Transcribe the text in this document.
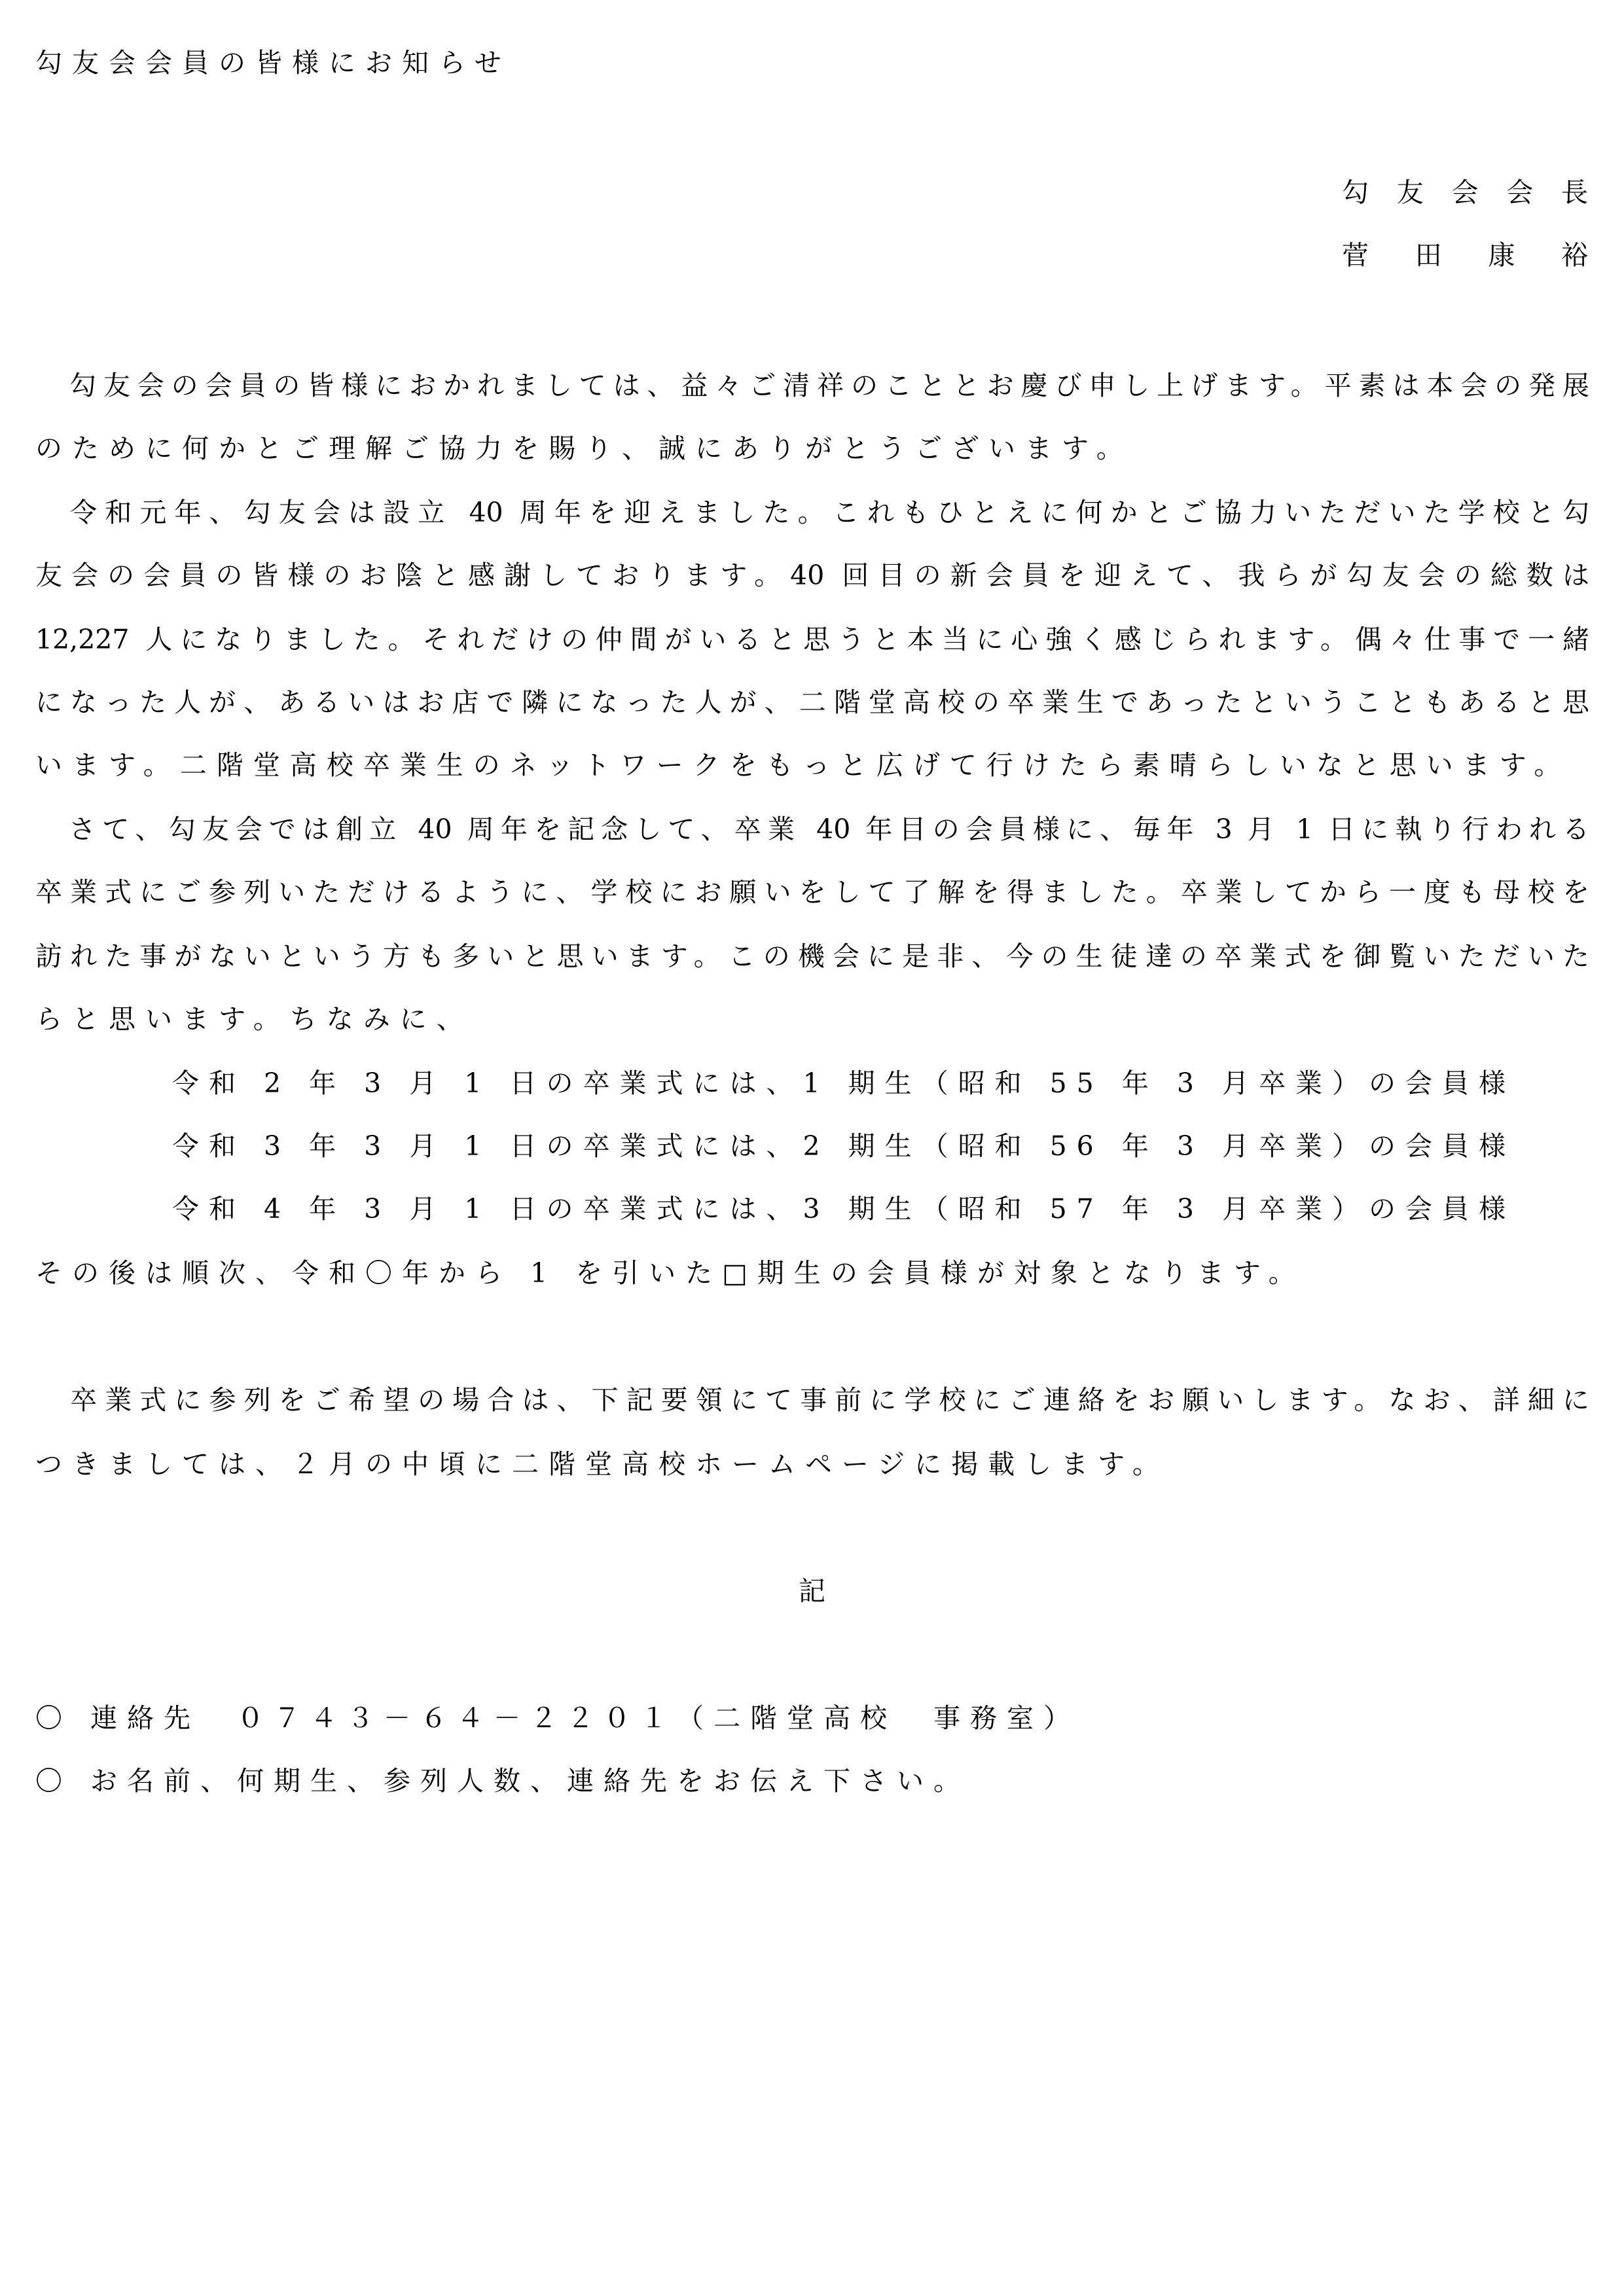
勾友会会員の皆様にお知らせ
勾友会会長
菅　田　康　裕
　勾友会の会員の皆様におかれましては、益々ご清祥のこととお慶び申し上げます。平素は本会の発展
のために何かとご理解ご協力を賜り、誠にありがとうございます。
　令和元年、勾友会は設立 40 周年を迎えました。これもひとえに何かとご協力いただいた学校と勾
友会の会員の皆様のお陰と感謝しております。40 回目の新会員を迎えて、我らが勾友会の総数は
12,227 人になりました。それだけの仲間がいると思うと本当に心強く感じられます。偶々仕事で一緒
になった人が、あるいはお店で隣になった人が、二階堂高校の卒業生であったということもあると思
います。二階堂高校卒業生のネットワークをもっと広げて行けたら素晴らしいなと思います。
　さて、勾友会では創立 40 周年を記念して、卒業 40 年目の会員様に、毎年 3 月 1 日に執り行われる
卒業式にご参列いただけるように、学校にお願いをして了解を得ました。卒業してから一度も母校を
訪れた事がないという方も多いと思います。この機会に是非、今の生徒達の卒業式を御覧いただいた
らと思います。ちなみに、
令和 2 年 3 月 1 日の卒業式には、1 期生（昭和 55 年 3 月卒業）の会員様
令和 3 年 3 月 1 日の卒業式には、2 期生（昭和 56 年 3 月卒業）の会員様
令和 4 年 3 月 1 日の卒業式には、3 期生（昭和 57 年 3 月卒業）の会員様
その後は順次、令和〇年から 1 を引いた□期生の会員様が対象となります。
　卒業式に参列をご希望の場合は、下記要領にて事前に学校にご連絡をお願いします。なお、詳細に
つきましては、２月の中頃に二階堂高校ホームページに掲載します。
記
〇 連絡先　０７４３－６４－２２０１（二階堂高校　事務室）
〇 お名前、何期生、参列人数、連絡先をお伝え下さい。
